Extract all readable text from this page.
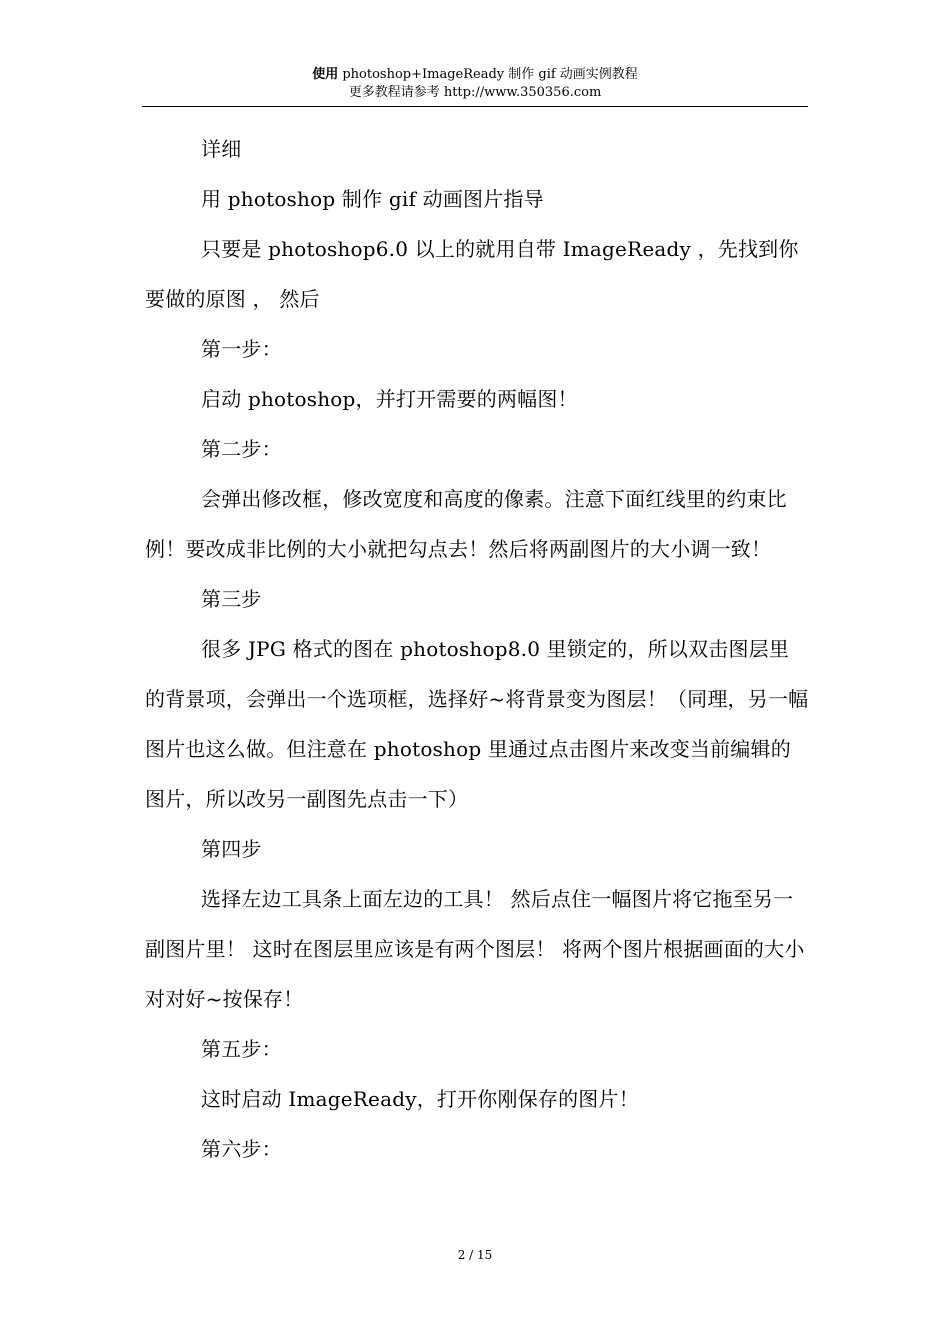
使用 photoshop+ImageReady 制作 gif 动画实例教程
更多教程请参考 http://www.350356.com

详细

用 photoshop 制作 gif 动画图片指导

只要是 photoshop6.0 以上的就用自带 ImageReady ，先找到你要做的原图 ， 然后

第一步：

启动 photoshop，并打开需要的两幅图！

第二步：

会弹出修改框，修改宽度和高度的像素。注意下面红线里的约束比例！要改成非比例的大小就把勾点去！然后将两副图片的大小调一致！

第三步

很多 JPG 格式的图在 photoshop8.0 里锁定的，所以双击图层里的背景项，会弹出一个选项框，选择好~将背景变为图层！（同理，另一幅图片也这么做。但注意在 photoshop 里通过点击图片来改变当前编辑的图片，所以改另一副图先点击一下）

第四步

选择左边工具条上面左边的工具！ 然后点住一幅图片将它拖至另一副图片里！ 这时在图层里应该是有两个图层！ 将两个图片根据画面的大小对对好~按保存！

第五步：

这时启动 ImageReady，打开你刚保存的图片！

第六步：

2 / 15
